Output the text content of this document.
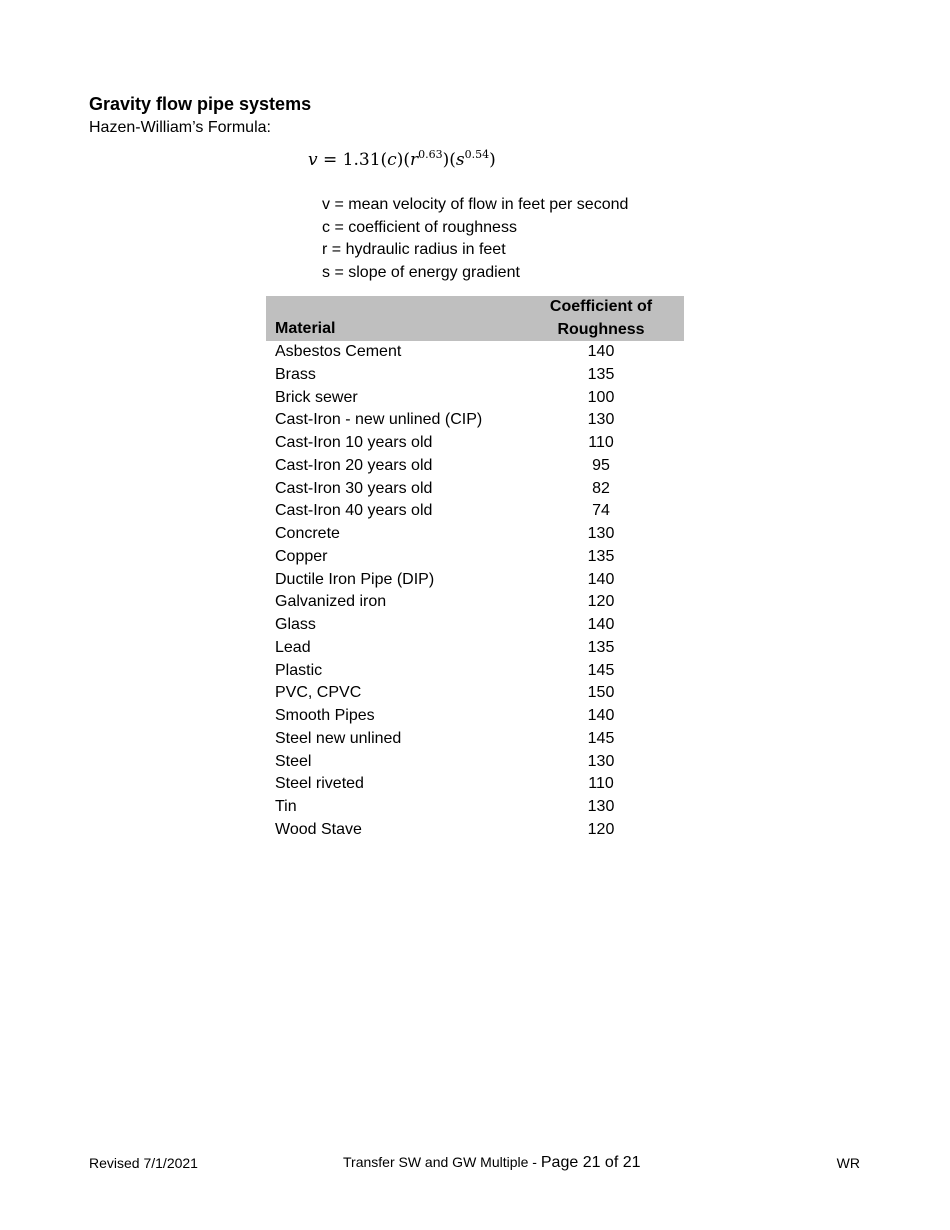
Gravity flow pipe systems
Hazen-William’s Formula:
$v = 1.31(c)(r^{0.63})(s^{0.54})$
v = mean velocity of flow in feet per second
c = coefficient of roughness
r = hydraulic radius in feet
s = slope of energy gradient
Material
Coefficient of
Roughness
Asbestos Cement	140
Brass	135
Brick sewer	100
Cast-Iron - new unlined (CIP)	130
Cast-Iron 10 years old	110
Cast-Iron 20 years old	95
Cast-Iron 30 years old	82
Cast-Iron 40 years old	74
Concrete	130
Copper	135
Ductile Iron Pipe (DIP)	140
Galvanized iron	120
Glass	140
Lead	135
Plastic	145
PVC, CPVC	150
Smooth Pipes	140
Steel new unlined	145
Steel	130
Steel riveted	110
Tin	130
Wood Stave	120
Revised 7/1/2021	Transfer SW and GW Multiple - Page 21 of 21	WR
